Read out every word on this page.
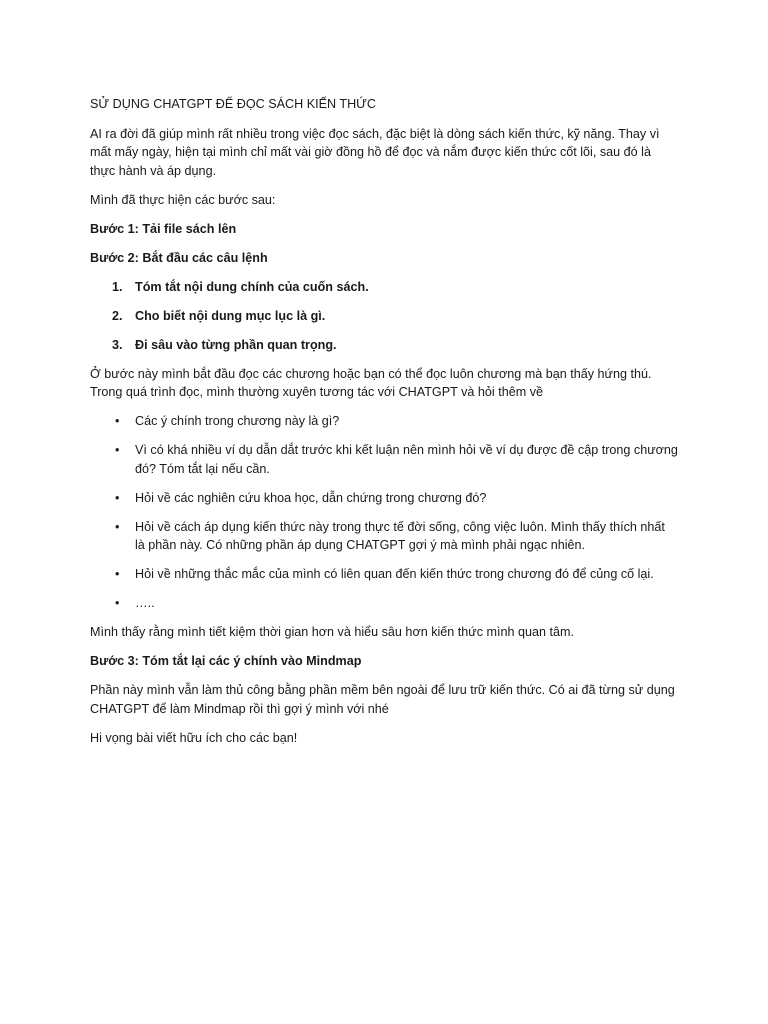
SỬ DỤNG CHATGPT ĐỂ ĐỌC SÁCH KIẾN THỨC

AI ra đời đã giúp mình rất nhiều trong việc đọc sách, đặc biệt là dòng sách kiến thức, kỹ năng. Thay vì mất mấy ngày, hiện tại mình chỉ mất vài giờ đồng hồ để đọc và nắm được kiến thức cốt lõi, sau đó là thực hành và áp dụng.

Mình đã thực hiện các bước sau:

Bước 1: Tải file sách lên

Bước 2: Bắt đầu các câu lệnh

1. Tóm tắt nội dung chính của cuốn sách.
2. Cho biết nội dung mục lục là gì.
3. Đi sâu vào từng phần quan trọng.

Ở bước này mình bắt đầu đọc các chương hoặc bạn có thể đọc luôn chương mà bạn thấy hứng thú. Trong quá trình đọc, mình thường xuyên tương tác với CHATGPT và hỏi thêm về

• Các ý chính trong chương này là gì?
• Vì có khá nhiều ví dụ dẫn dắt trước khi kết luận nên mình hỏi về ví dụ được đề cập trong chương đó? Tóm tắt lại nếu cần.
• Hỏi về các nghiên cứu khoa học, dẫn chứng trong chương đó?
• Hỏi về cách áp dụng kiến thức này trong thực tế đời sống, công việc luôn. Mình thấy thích nhất là phần này. Có những phần áp dụng CHATGPT gợi ý mà mình phải ngạc nhiên.
• Hỏi về những thắc mắc của mình có liên quan đến kiến thức trong chương đó để củng cố lại.
• …..

Mình thấy rằng mình tiết kiệm thời gian hơn và hiểu sâu hơn kiến thức mình quan tâm.

Bước 3: Tóm tắt lại các ý chính vào Mindmap

Phần này mình vẫn làm thủ công bằng phần mềm bên ngoài để lưu trữ kiến thức. Có ai đã từng sử dụng CHATGPT để làm Mindmap rồi thì gợi ý mình với nhé

Hi vọng bài viết hữu ích cho các bạn!
